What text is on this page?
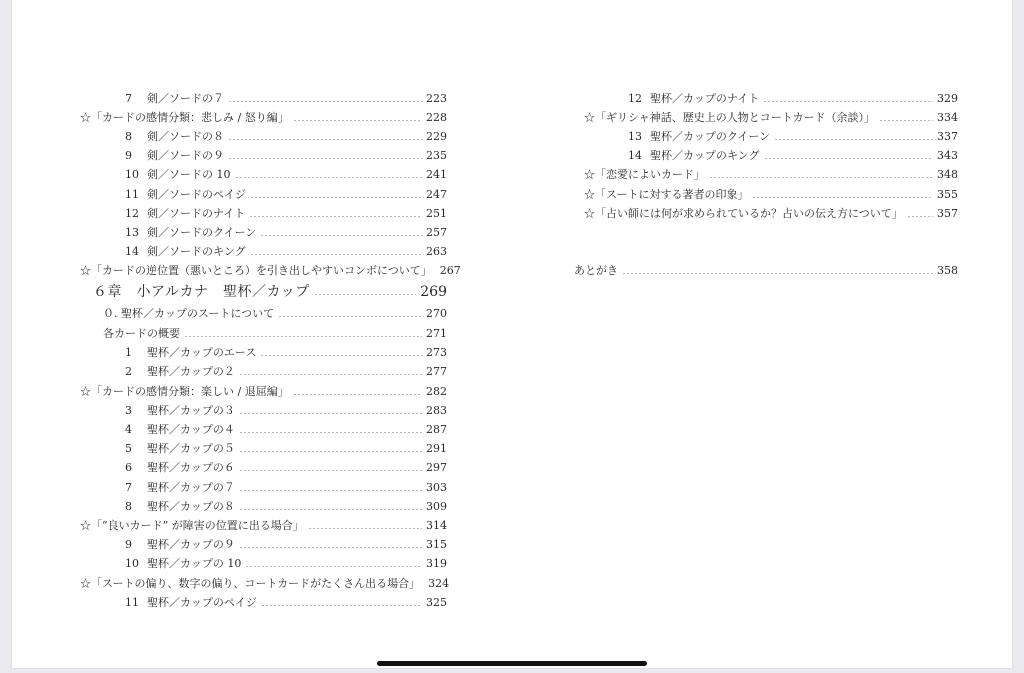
7	剣／ソードの７	223
☆「カードの感情分類：悲しみ / 怒り編」	228
8	剣／ソードの８	229
9	剣／ソードの９	235
10 剣／ソードの 10	241
11 剣／ソードのペイジ	247
12 剣／ソードのナイト	251
13 剣／ソードのクイーン	257
14 剣／ソードのキング	263
☆「カードの逆位置（悪いところ）を引き出しやすいコンボについて」 267
６章　小アルカナ　聖杯／カップ	269
０. 聖杯／カップのスートについて	270
各カードの概要	271
1	聖杯／カップのエース	273
2	聖杯／カップの２	277
☆「カードの感情分類：楽しい / 退屈編」	282
3	聖杯／カップの３	283
4	聖杯／カップの４	287
5	聖杯／カップの５	291
6	聖杯／カップの６	297
7	聖杯／カップの７	303
8	聖杯／カップの８	309
☆「“良いカード” が障害の位置に出る場合」	314
9	聖杯／カップの９	315
10 聖杯／カップの 10	319
☆「スートの偏り、数字の偏り、コートカードがたくさん出る場合」 324
11 聖杯／カップのペイジ	325
12 聖杯／カップのナイト	329
☆「ギリシャ神話、歴史上の人物とコートカード（余談）」	334
13 聖杯／カップのクイーン	337
14 聖杯／カップのキング	343
☆「恋愛によいカード」	348
☆「スートに対する著者の印象」	355
☆「占い師には何が求められているか？占いの伝え方について」	357
あとがき	358
